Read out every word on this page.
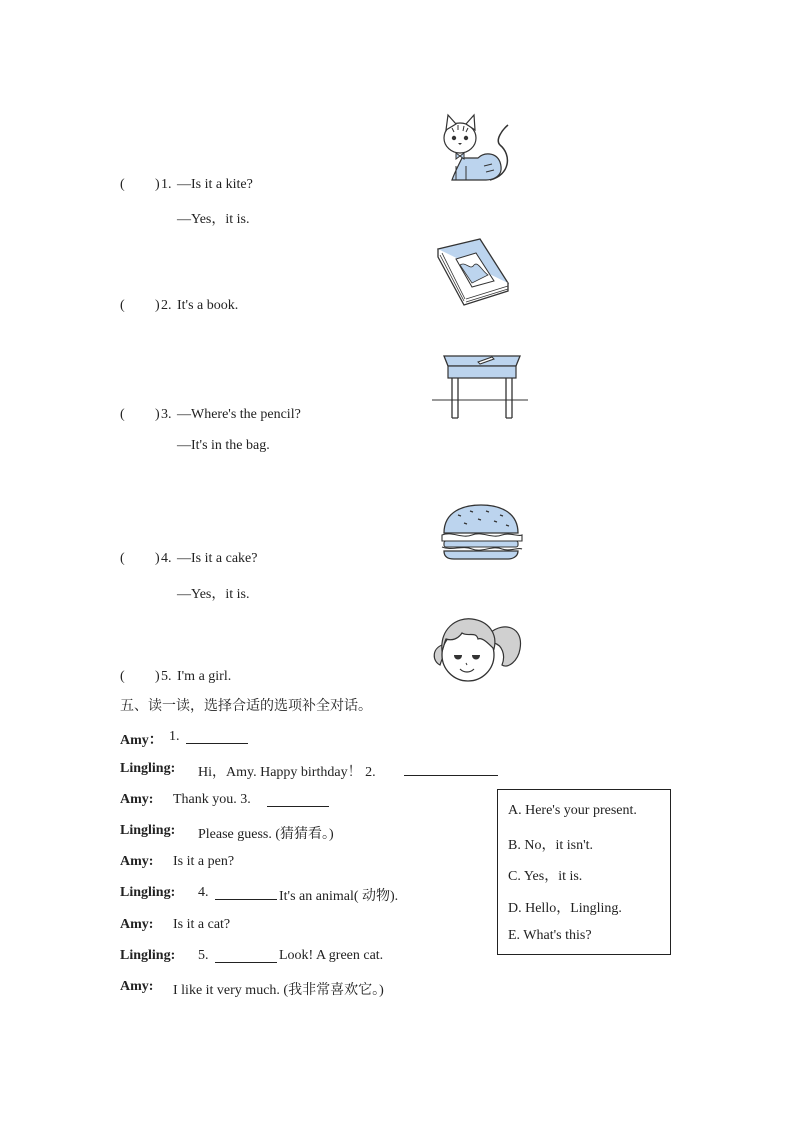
( ) 1. —Is it a kite?
—Yes，it is.
( ) 2. It's a book.
( ) 3. —Where's the pencil?
—It's in the bag.
( ) 4. —Is it a cake?
—Yes，it is.
( ) 5. I'm a girl.
五、读一读，选择合适的选项补全对话。
Amy： 1.
Lingling: Hi，Amy. Happy birthday！ 2.
Amy: Thank you. 3.
Lingling: Please guess. (猜猜看。)
Amy: Is it a pen?
Lingling: 4.	It's an animal( 动物).
Amy: Is it a cat?
Lingling: 5.	Look! A green cat.
Amy: I like it very much. (我非常喜欢它。)
A. Here's your present.
B. No，it isn't.
C. Yes，it is.
D. Hello，Lingling.
E. What's this?
